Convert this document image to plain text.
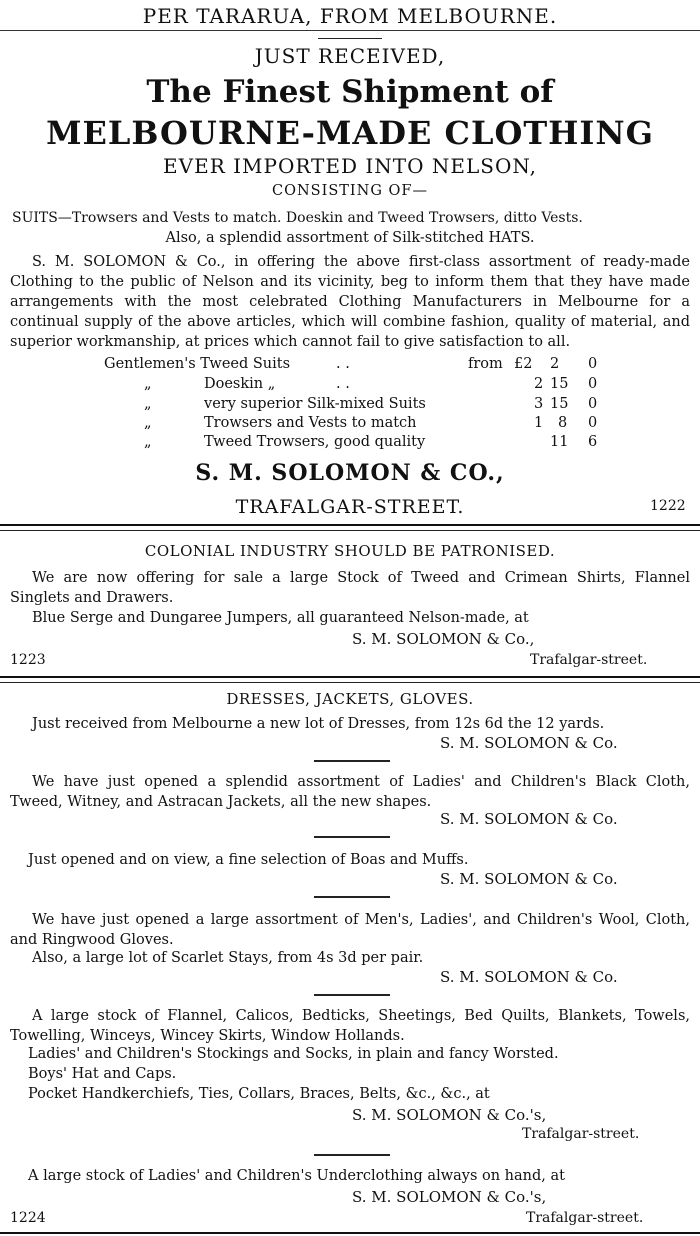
PER TARARUA, FROM MELBOURNE.
JUST RECEIVED,
The Finest Shipment of
MELBOURNE-MADE CLOTHING
EVER IMPORTED INTO NELSON,
CONSISTING OF—
SUITS—Trowsers and Vests to match. Doeskin and Tweed Trowsers, ditto Vests.
Also, a splendid assortment of Silk-stitched HATS.
S. M. SOLOMON & Co., in offering the above first-class assortment of ready-made Clothing to the public of Nelson and its vicinity, beg to inform them that they have made arrangements with the most celebrated Clothing Manufacturers in Melbourne for a continual supply of the above articles, which will combine fashion, quality of material, and superior workmanship, at prices which cannot fail to give satisfaction to all.
Gentlemen's Tweed Suits	. .	from £2 2 0
„	Doeskin „	. .	2 15 0
„	very superior Silk-mixed Suits	3 15 0
„	Trowsers and Vests to match	1 8 0
„	Tweed Trowsers, good quality	11 6
S. M. SOLOMON & CO.,
TRAFALGAR-STREET.	1222
COLONIAL INDUSTRY SHOULD BE PATRONISED.
We are now offering for sale a large Stock of Tweed and Crimean Shirts, Flannel Singlets and Drawers.
Blue Serge and Dungaree Jumpers, all guaranteed Nelson-made, at
S. M. SOLOMON & Co.,
1223	Trafalgar-street.
DRESSES, JACKETS, GLOVES.
Just received from Melbourne a new lot of Dresses, from 12s 6d the 12 yards.
S. M. SOLOMON & Co.
We have just opened a splendid assortment of Ladies' and Children's Black Cloth, Tweed, Witney, and Astracan Jackets, all the new shapes.
S. M. SOLOMON & Co.
Just opened and on view, a fine selection of Boas and Muffs.
S. M. SOLOMON & Co.
We have just opened a large assortment of Men's, Ladies', and Children's Wool, Cloth, and Ringwood Gloves.
Also, a large lot of Scarlet Stays, from 4s 3d per pair.
S. M. SOLOMON & Co.
A large stock of Flannel, Calicos, Bedticks, Sheetings, Bed Quilts, Blankets, Towels, Towelling, Winceys, Wincey Skirts, Window Hollands.
Ladies' and Children's Stockings and Socks, in plain and fancy Worsted.
Boys' Hat and Caps.
Pocket Handkerchiefs, Ties, Collars, Braces, Belts, &c., &c., at
S. M. SOLOMON & Co.'s,
Trafalgar-street.
A large stock of Ladies' and Children's Underclothing always on hand, at
S. M. SOLOMON & Co.'s,
1224	Trafalgar-street.
